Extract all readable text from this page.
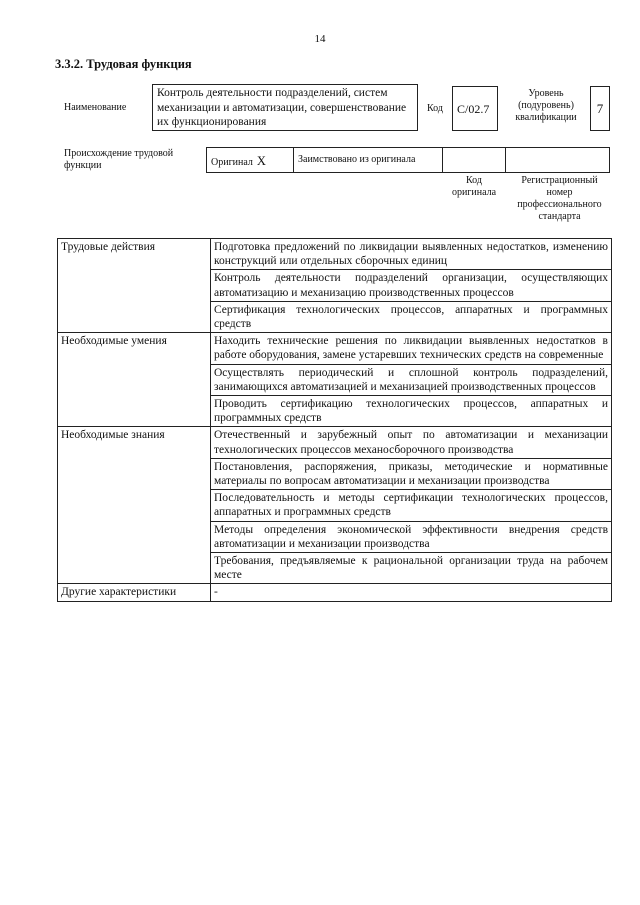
14
3.3.2. Трудовая функция
Наименование
Контроль деятельности подразделений, систем механизации и автоматизации, совершенствование их функционирования
Код	С/02.7
Уровень (подуровень) квалификации
7
Происхождение трудовой функции	Оригинал X	Заимствовано из оригинала
Код оригинала
Регистрационный номер профессионального стандарта
Трудовые действия	Подготовка предложений по ликвидации выявленных недостатков, изменению конструкций или отдельных сборочных единиц
	Контроль деятельности подразделений организации, осуществляющих автоматизацию и механизацию производственных процессов
	Сертификация технологических процессов, аппаратных и программных средств
Необходимые умения	Находить технические решения по ликвидации выявленных недостатков в работе оборудования, замене устаревших технических средств на современные
	Осуществлять периодический и сплошной контроль подразделений, занимающихся автоматизацией и механизацией производственных процессов
	Проводить сертификацию технологических процессов, аппаратных и программных средств
Необходимые знания	Отечественный и зарубежный опыт по автоматизации и механизации технологических процессов механосборочного производства
	Постановления, распоряжения, приказы, методические и нормативные материалы по вопросам автоматизации и механизации производства
	Последовательность и методы сертификации технологических процессов, аппаратных и программных средств
	Методы определения экономической эффективности внедрения средств автоматизации и механизации производства
	Требования, предъявляемые к рациональной организации труда на рабочем месте
Другие характеристики	-
